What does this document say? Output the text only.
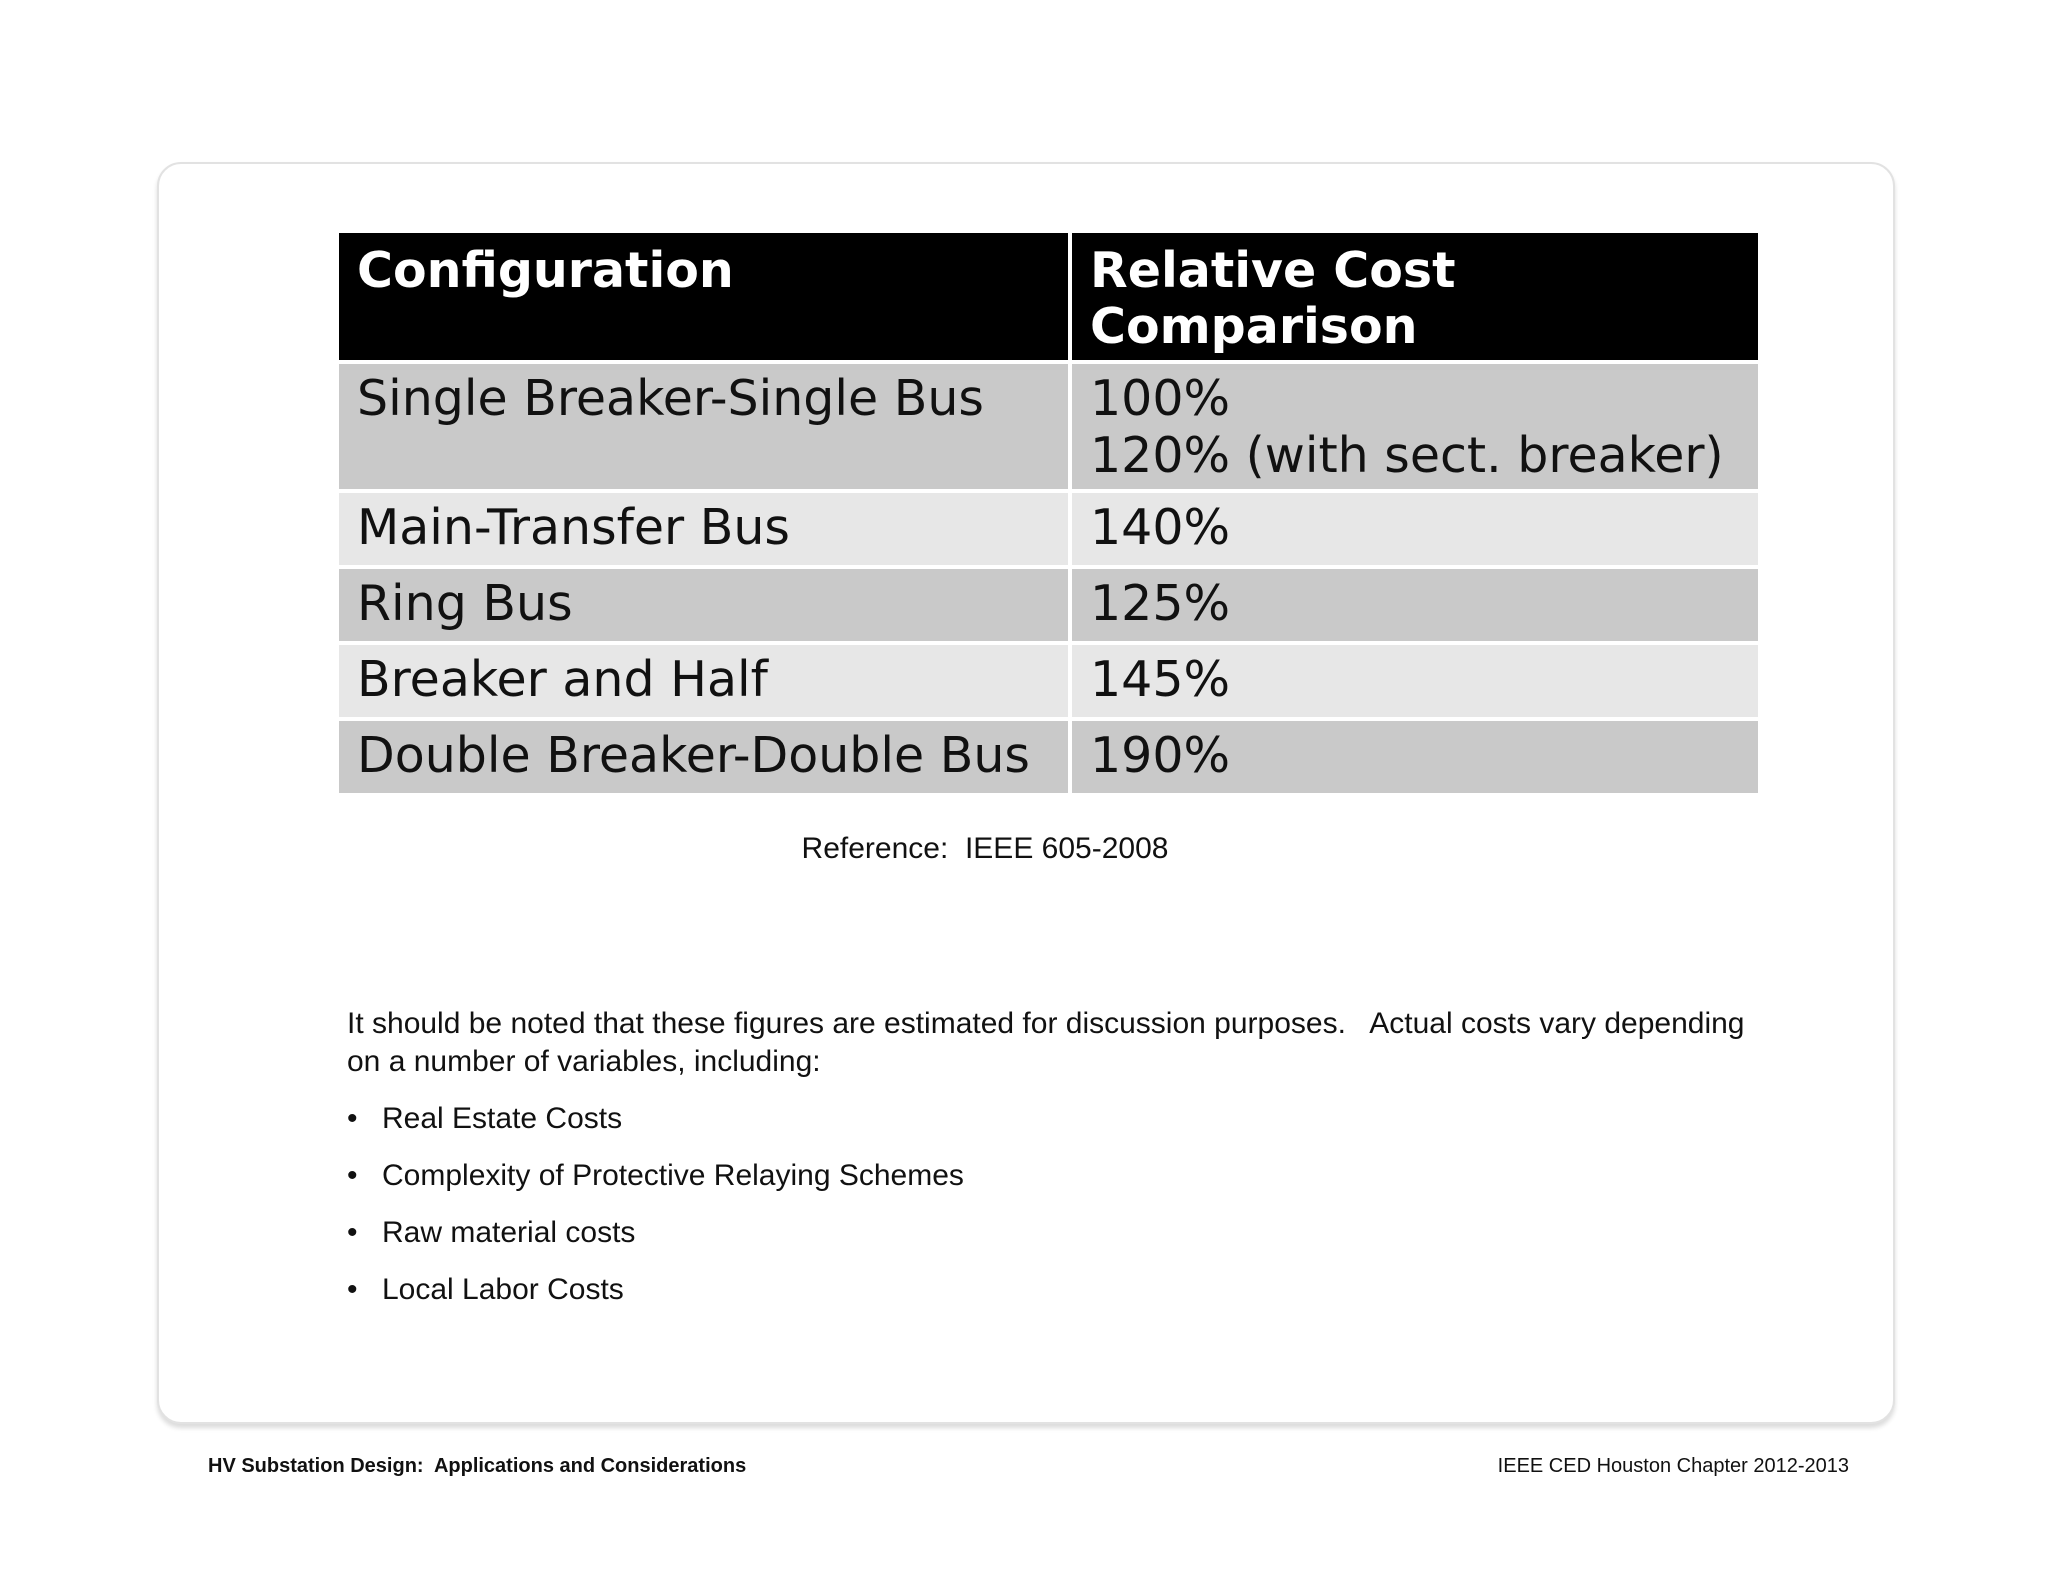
Configuration	Relative Cost
Comparison
Single Breaker-Single Bus	100%
120% (with sect. breaker)
Main-Transfer Bus	140%
Ring Bus	125%
Breaker and Half	145%
Double Breaker-Double Bus	190%
Reference:  IEEE 605-2008
It should be noted that these figures are estimated for discussion purposes.   Actual costs vary depending on a number of variables, including:
• Real Estate Costs
• Complexity of Protective Relaying Schemes
• Raw material costs
• Local Labor Costs
HV Substation Design:  Applications and Considerations	IEEE CED Houston Chapter 2012-2013
